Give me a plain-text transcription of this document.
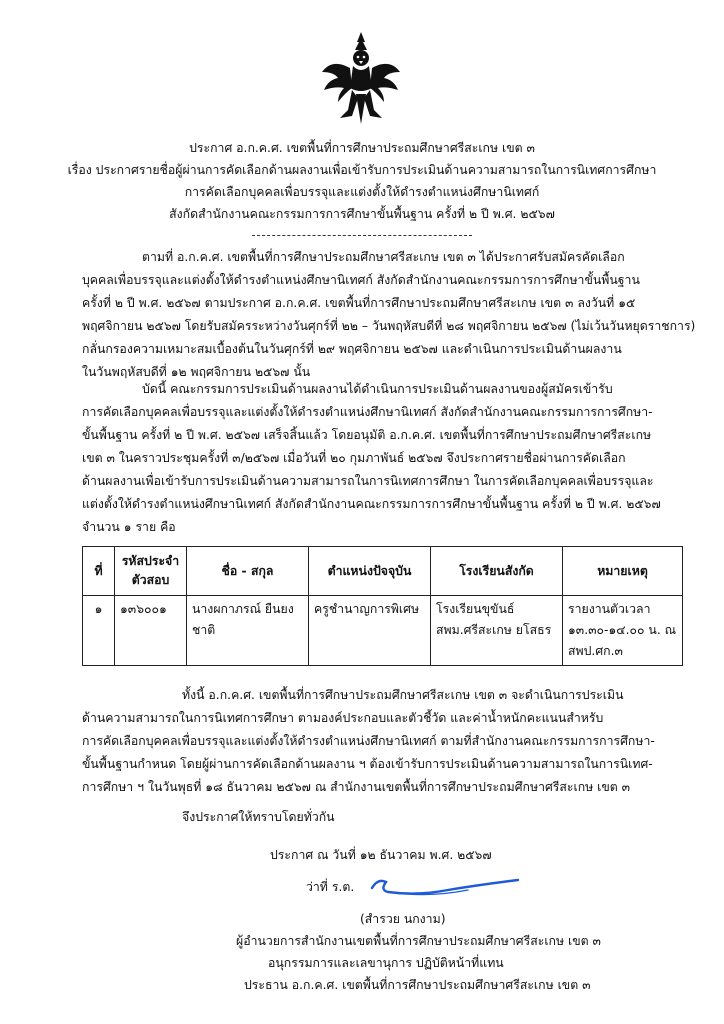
ประกาศ อ.ก.ค.ศ. เขตพื้นที่การศึกษาประถมศึกษาศรีสะเกษ เขต ๓
เรื่อง ประกาศรายชื่อผู้ผ่านการคัดเลือกด้านผลงานเพื่อเข้ารับการประเมินด้านความสามารถในการนิเทศการศึกษา
การคัดเลือกบุคคลเพื่อบรรจุและแต่งตั้งให้ดำรงตำแหน่งศึกษานิเทศก์
สังกัดสำนักงานคณะกรรมการการศึกษาขั้นพื้นฐาน ครั้งที่ ๒ ปี พ.ศ. ๒๕๖๗
ตามที่ อ.ก.ค.ศ. เขตพื้นที่การศึกษาประถมศึกษาศรีสะเกษ เขต ๓ ได้ประกาศรับสมัครคัดเลือก
บุคคลเพื่อบรรจุและแต่งตั้งให้ดำรงตำแหน่งศึกษานิเทศก์ สังกัดสำนักงานคณะกรรมการการศึกษาขั้นพื้นฐาน
ครั้งที่ ๒ ปี พ.ศ. ๒๕๖๗ ตามประกาศ อ.ก.ค.ศ. เขตพื้นที่การศึกษาประถมศึกษาศรีสะเกษ เขต ๓ ลงวันที่ ๑๕
พฤศจิกายน ๒๕๖๗ โดยรับสมัครระหว่างวันศุกร์ที่ ๒๒ – วันพฤหัสบดีที่ ๒๘ พฤศจิกายน ๒๕๖๗ (ไม่เว้นวันหยุดราชการ)
กลั่นกรองความเหมาะสมเบื้องต้นในวันศุกร์ที่ ๒๙ พฤศจิกายน ๒๕๖๗ และดำเนินการประเมินด้านผลงาน
ในวันพฤหัสบดีที่ ๑๒ พฤศจิกายน ๒๕๖๗ นั้น
บัดนี้ คณะกรรมการประเมินด้านผลงานได้ดำเนินการประเมินด้านผลงานของผู้สมัครเข้ารับ
การคัดเลือกบุคคลเพื่อบรรจุและแต่งตั้งให้ดำรงตำแหน่งศึกษานิเทศก์ สังกัดสำนักงานคณะกรรมการการศึกษา-
ขั้นพื้นฐาน ครั้งที่ ๒ ปี พ.ศ. ๒๕๖๗ เสร็จสิ้นแล้ว โดยอนุมัติ อ.ก.ค.ศ. เขตพื้นที่การศึกษาประถมศึกษาศรีสะเกษ
เขต ๓ ในคราวประชุมครั้งที่ ๓/๒๕๖๗ เมื่อวันที่ ๒๐ กุมภาพันธ์ ๒๕๖๗ จึงประกาศรายชื่อผ่านการคัดเลือก
ด้านผลงานเพื่อเข้ารับการประเมินด้านความสามารถในการนิเทศการศึกษา ในการคัดเลือกบุคคลเพื่อบรรจุและ
แต่งตั้งให้ดำรงตำแหน่งศึกษานิเทศก์ สังกัดสำนักงานคณะกรรมการการศึกษาขั้นพื้นฐาน ครั้งที่ ๒ ปี พ.ศ. ๒๕๖๗
จำนวน ๑ ราย คือ
ที่	รหัสประจำตัวสอบ	ชื่อ - สกุล	ตำแหน่งปัจจุบัน	โรงเรียนสังกัด	หมายเหตุ
๑	๑๓๖๐๐๑	นางผกาภรณ์ ยืนยงชาติ	ครูชำนาญการพิเศษ	โรงเรียนขุขันธ์ สพม.ศรีสะเกษ ยโสธร	รายงานตัวเวลา ๑๓.๓๐-๑๔.๐๐ น. ณ สพป.ศก.๓
ทั้งนี้ อ.ก.ค.ศ. เขตพื้นที่การศึกษาประถมศึกษาศรีสะเกษ เขต ๓ จะดำเนินการประเมิน
ด้านความสามารถในการนิเทศการศึกษา ตามองค์ประกอบและตัวชี้วัด และค่าน้ำหนักคะแนนสำหรับ
การคัดเลือกบุคคลเพื่อบรรจุและแต่งตั้งให้ดำรงตำแหน่งศึกษานิเทศก์ ตามที่สำนักงานคณะกรรมการการศึกษา-
ขั้นพื้นฐานกำหนด โดยผู้ผ่านการคัดเลือกด้านผลงาน ฯ ต้องเข้ารับการประเมินด้านความสามารถในการนิเทศ-
การศึกษา ฯ ในวันพุธที่ ๑๘ ธันวาคม ๒๕๖๗ ณ สำนักงานเขตพื้นที่การศึกษาประถมศึกษาศรีสะเกษ เขต ๓
จึงประกาศให้ทราบโดยทั่วกัน
ประกาศ ณ วันที่ ๑๒ ธันวาคม พ.ศ. ๒๕๖๗
ว่าที่ ร.ต.
(สำรวย นกงาม)
ผู้อำนวยการสำนักงานเขตพื้นที่การศึกษาประถมศึกษาศรีสะเกษ เขต ๓
อนุกรรมการและเลขานุการ ปฏิบัติหน้าที่แทน
ประธาน อ.ก.ค.ศ. เขตพื้นที่การศึกษาประถมศึกษาศรีสะเกษ เขต ๓
